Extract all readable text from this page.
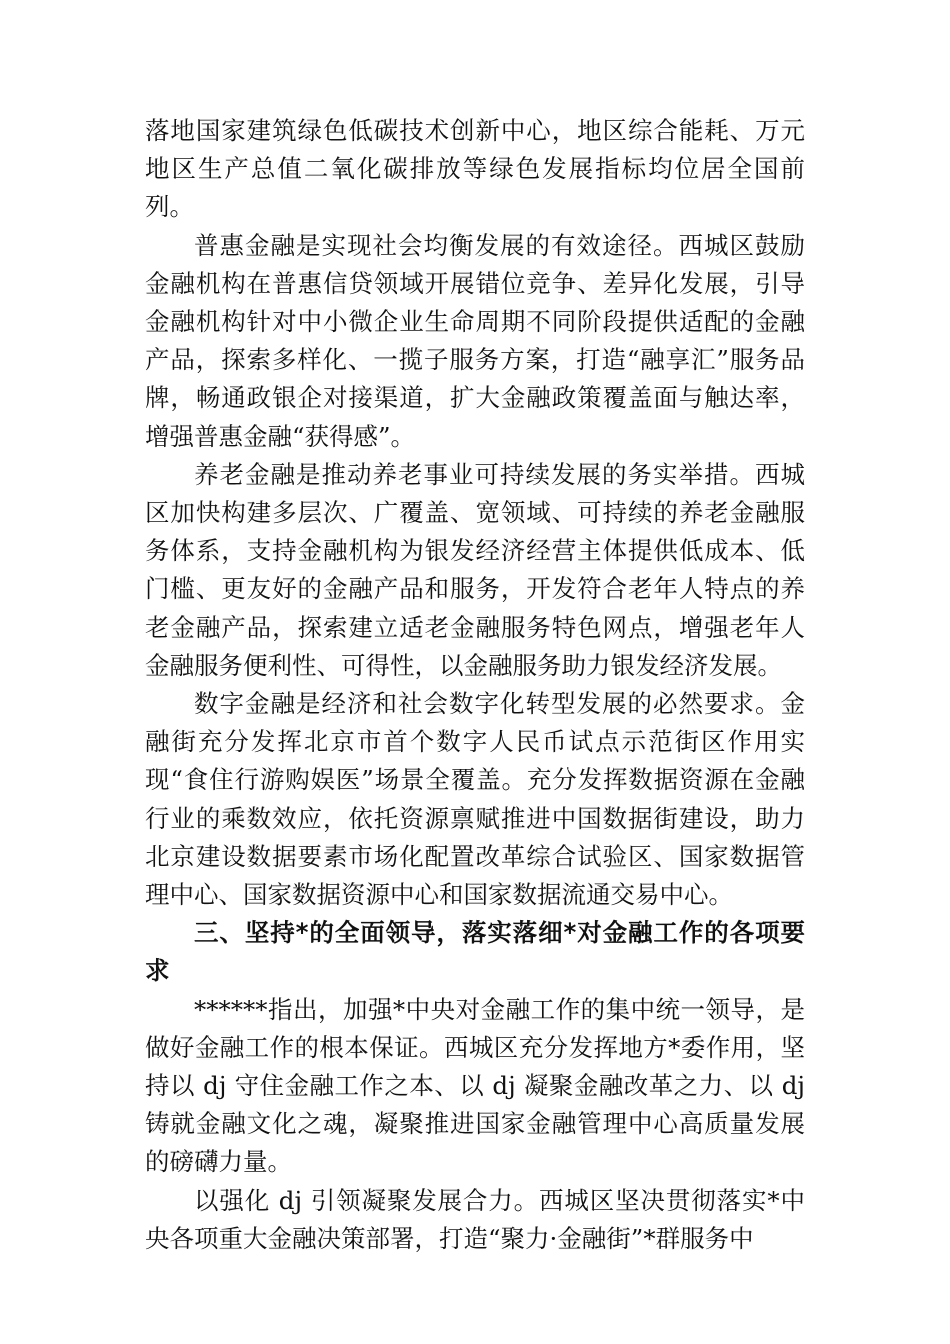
落地国家建筑绿色低碳技术创新中心，地区综合能耗、万元地区生产总值二氧化碳排放等绿色发展指标均位居全国前列。

普惠金融是实现社会均衡发展的有效途径。西城区鼓励金融机构在普惠信贷领域开展错位竞争、差异化发展，引导金融机构针对中小微企业生命周期不同阶段提供适配的金融产品，探索多样化、一揽子服务方案，打造“融享汇”服务品牌，畅通政银企对接渠道，扩大金融政策覆盖面与触达率，增强普惠金融“获得感”。

养老金融是推动养老事业可持续发展的务实举措。西城区加快构建多层次、广覆盖、宽领域、可持续的养老金融服务体系，支持金融机构为银发经济经营主体提供低成本、低门槛、更友好的金融产品和服务，开发符合老年人特点的养老金融产品，探索建立适老金融服务特色网点，增强老年人金融服务便利性、可得性，以金融服务助力银发经济发展。

数字金融是经济和社会数字化转型发展的必然要求。金融街充分发挥北京市首个数字人民币试点示范街区作用实现“食住行游购娱医”场景全覆盖。充分发挥数据资源在金融行业的乘数效应，依托资源禀赋推进中国数据街建设，助力北京建设数据要素市场化配置改革综合试验区、国家数据管理中心、国家数据资源中心和国家数据流通交易中心。

三、坚持*的全面领导，落实落细*对金融工作的各项要求

******指出，加强*中央对金融工作的集中统一领导，是做好金融工作的根本保证。西城区充分发挥地方*委作用，坚持以 dj 守住金融工作之本、以 dj 凝聚金融改革之力、以 dj 铸就金融文化之魂，凝聚推进国家金融管理中心高质量发展的磅礴力量。

以强化 dj 引领凝聚发展合力。西城区坚决贯彻落实*中央各项重大金融决策部署，打造“聚力·金融街”*群服务中
